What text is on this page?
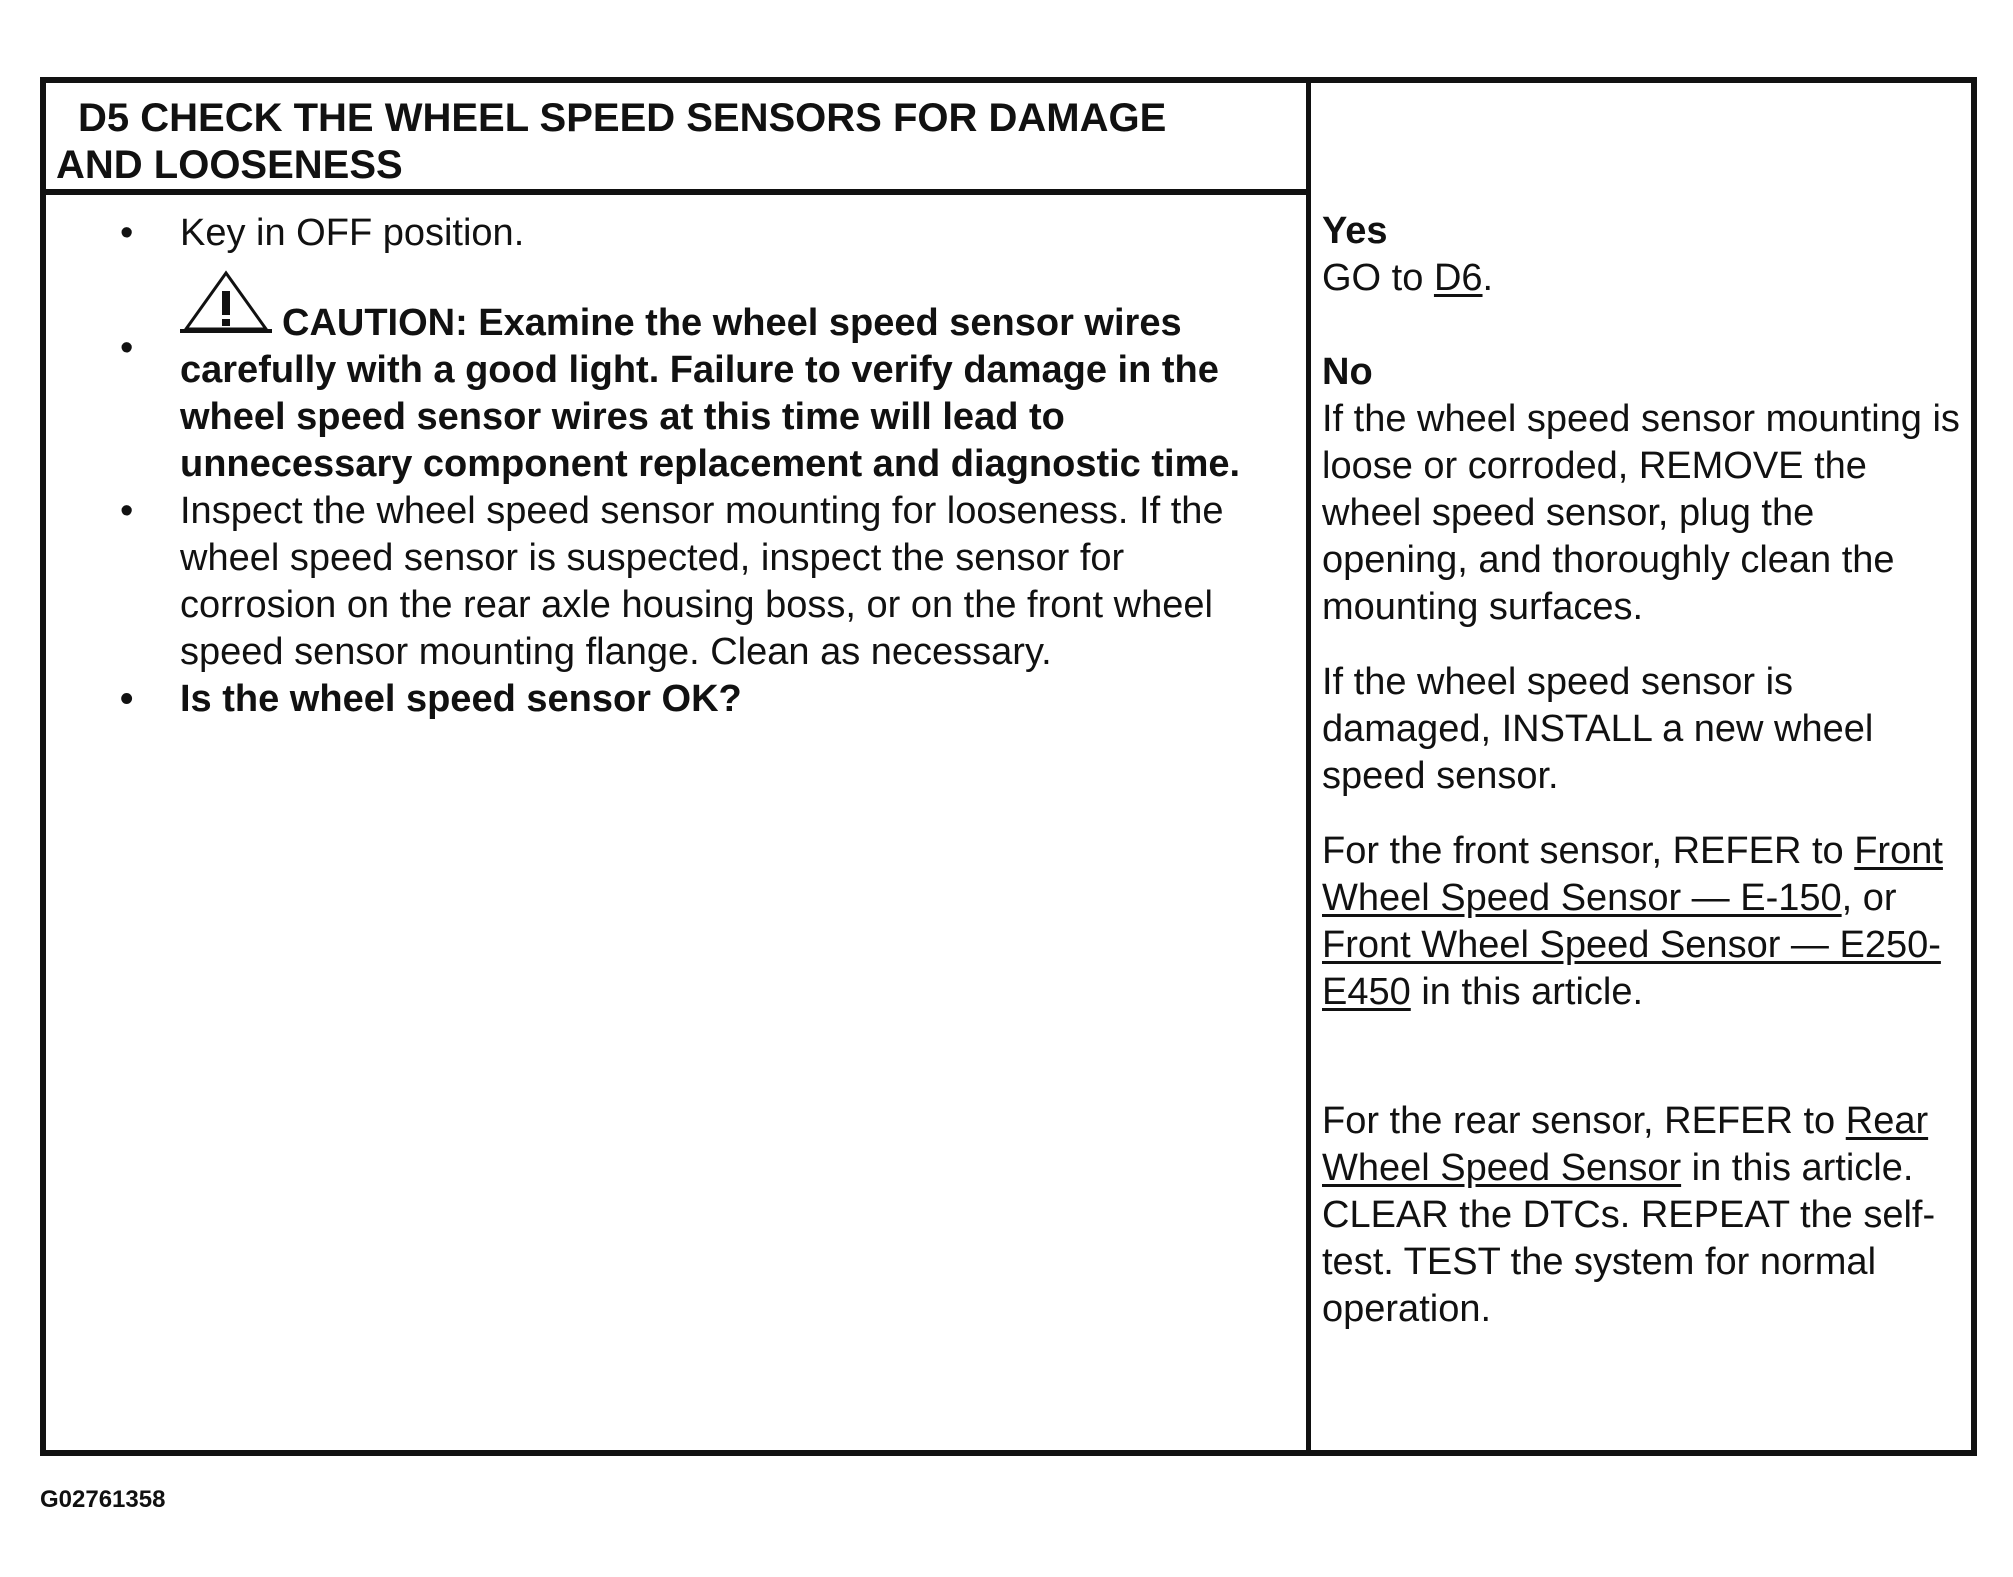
D5 CHECK THE WHEEL SPEED SENSORS FOR DAMAGE
AND LOOSENESS
• Key in OFF position.
•
CAUTION: Examine the wheel speed sensor wires carefully with a good light. Failure to verify damage in the wheel speed sensor wires at this time will lead to unnecessary component replacement and diagnostic time.
• Inspect the wheel speed sensor mounting for looseness. If the wheel speed sensor is suspected, inspect the sensor for corrosion on the rear axle housing boss, or on the front wheel speed sensor mounting flange. Clean as necessary.
• Is the wheel speed sensor OK?

Yes

GO to D6.

No

If the wheel speed sensor mounting is loose or corroded, REMOVE the wheel speed sensor, plug the opening, and thoroughly clean the mounting surfaces.

If the wheel speed sensor is damaged, INSTALL a new wheel speed sensor.

For the front sensor, REFER to Front Wheel Speed Sensor — E-150, or Front Wheel Speed Sensor — E250-E450 in this article.

For the rear sensor, REFER to Rear Wheel Speed Sensor in this article. CLEAR the DTCs. REPEAT the self-test. TEST the system for normal operation.

G02761358
